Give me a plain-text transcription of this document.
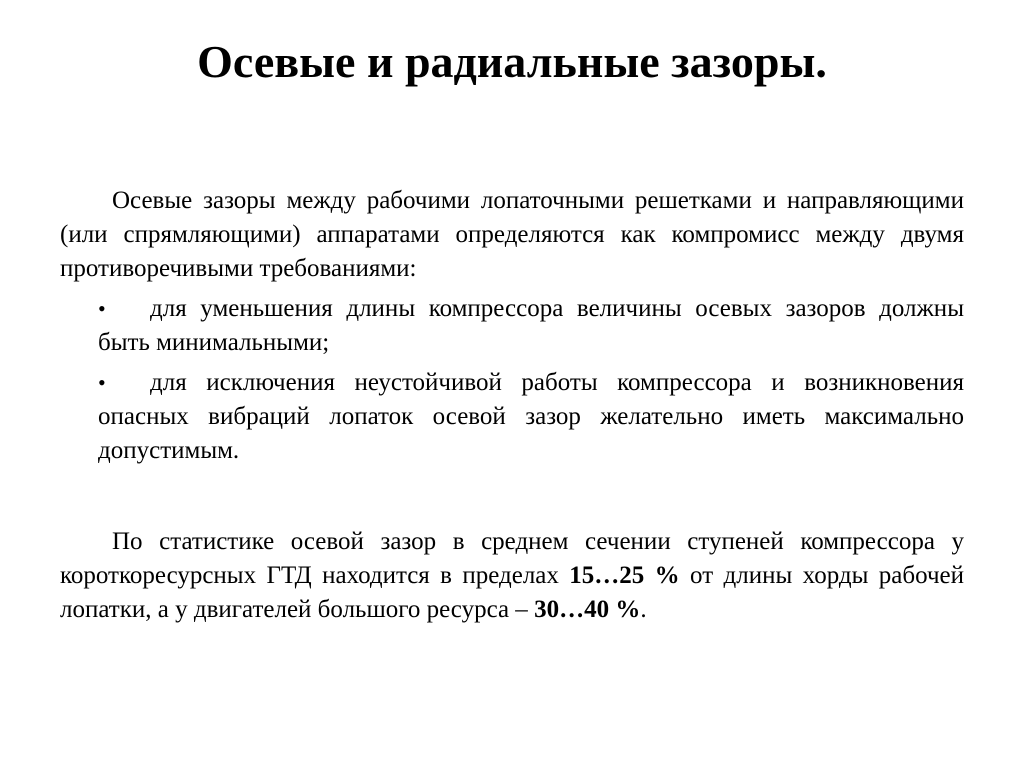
Осевые и радиальные зазоры.
Осевые зазоры между рабочими лопаточными решетками и направляющими (или спрямляющими) аппаратами определяются как компромисс между двумя противоречивыми требованиями:
• для уменьшения длины компрессора величины осевых зазоров должны быть минимальными;
• для исключения неустойчивой работы компрессора и возникновения опасных вибраций лопаток осевой зазор желательно иметь максимально допустимым.
По статистике осевой зазор в среднем сечении ступеней компрессора у короткоресурсных ГТД находится в пределах 15…25 % от длины хорды рабочей лопатки, а у двигателей большого ресурса – 30…40 %.
